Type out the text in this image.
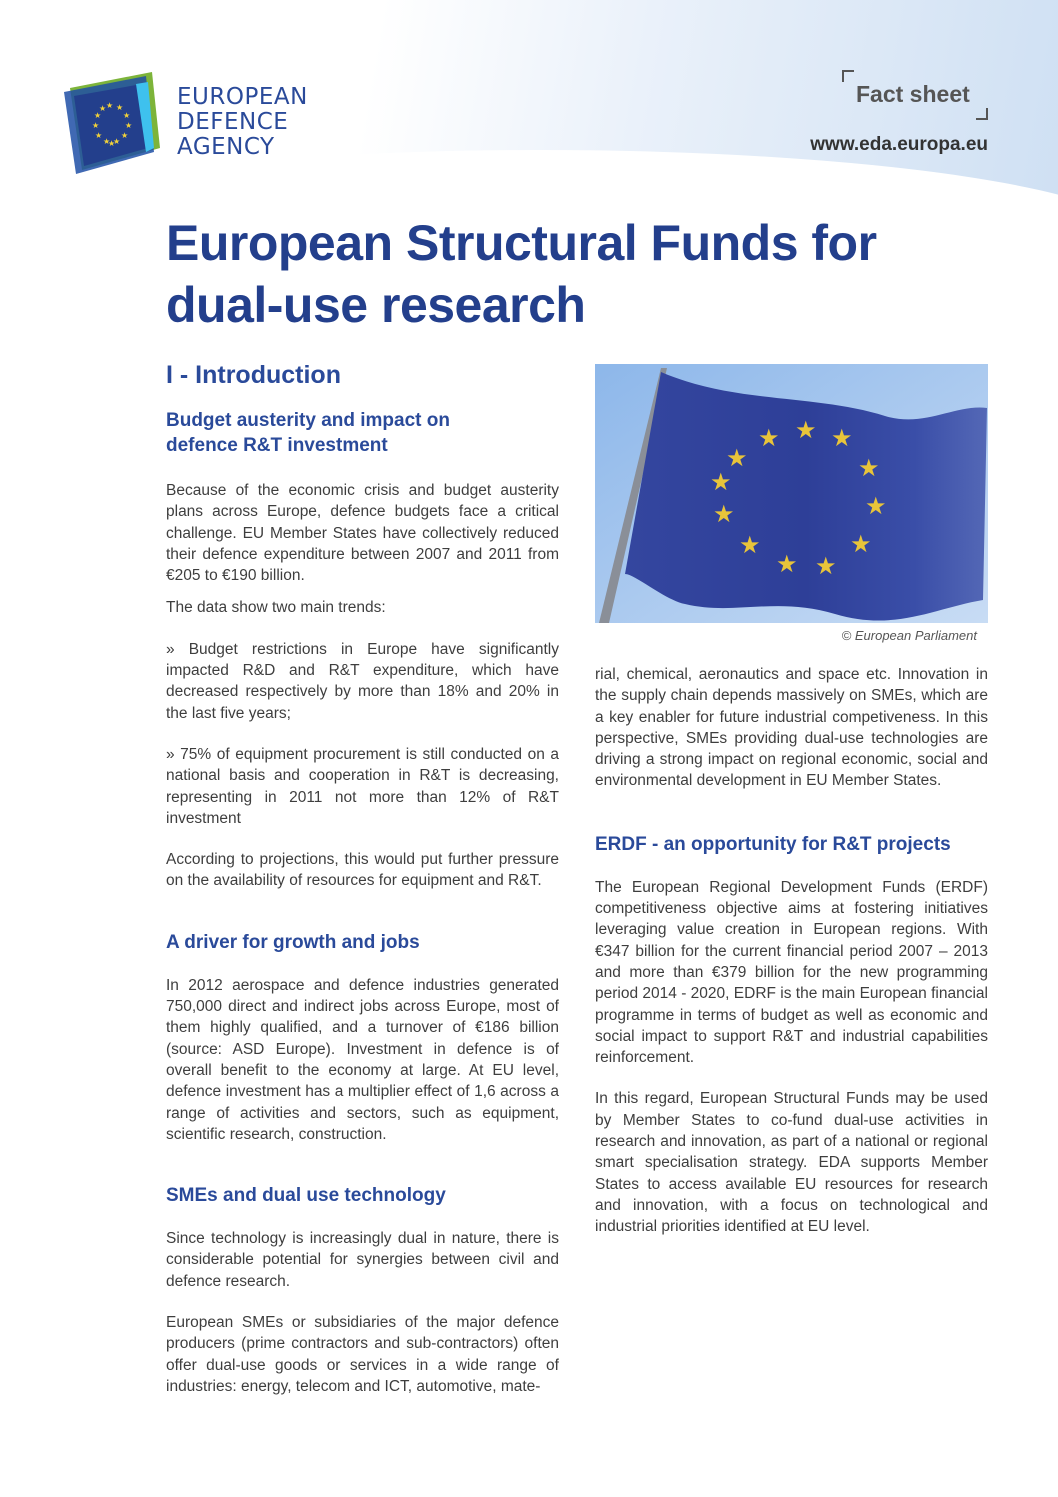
★ ★
★
★
★
★
★
★
★
★
★
★
EUROPEAN
DEFENCE
AGENCY
Fact sheet
www.eda.europa.eu
European Structural Funds for dual-use research
I - Introduction
Budget austerity and impact on defence R&T investment

Because of the economic crisis and budget austerity plans across Europe, defence budgets face a critical challenge. EU Member States have collectively reduced their defence expenditure between 2007 and 2011 from €205 to €190 billion.

The data show two main trends:

» Budget restrictions in Europe have significantly impacted R&D and R&T expenditure, which have decreased respectively by more than 18% and 20% in the last five years;

» 75% of equipment procurement is still conducted on a national basis and cooperation in R&T is decreasing, representing in 2011 not more than 12% of R&T investment

According to projections, this would put further pressure on the availability of resources for equipment and R&T.

A driver for growth and jobs

In 2012 aerospace and defence industries generated 750,000 direct and indirect jobs across Europe, most of them highly qualified, and a turnover of €186 billion (source: ASD Europe). Investment in defence is of overall benefit to the economy at large. At EU level, defence investment has a multiplier effect of 1,6 across a range of activities and sectors, such as equipment, scientific research, construction.

SMEs and dual use technology

Since technology is increasingly dual in nature, there is considerable potential for synergies between civil and defence research.

European SMEs or subsidiaries of the major defence producers (prime contractors and sub-contractors) often offer dual-use goods or services in a wide range of industries: energy, telecom and ICT, automotive, mate-

★ ★ ★
★
★
★
★
★
★
★
★
★
© European Parliament

rial, chemical, aeronautics and space etc. Innovation in the supply chain depends massively on SMEs, which are a key enabler for future industrial competiveness. In this perspective, SMEs providing dual-use technologies are driving a strong impact on regional economic, social and environmental development in EU Member States.

ERDF - an opportunity for R&T projects

The European Regional Development Funds (ERDF) competitiveness objective aims at fostering initiatives leveraging value creation in European regions. With €347 billion for the current financial period 2007 – 2013 and more than €379 billion for the new programming period 2014 - 2020, EDRF is the main European financial programme in terms of budget as well as economic and social impact to support R&T and industrial capabilities reinforcement.

In this regard, European Structural Funds may be used by Member States to co-fund dual-use activities in research and innovation, as part of a national or regional smart specialisation strategy. EDA supports Member States to access available EU resources for research and innovation, with a focus on technological and industrial priorities identified at EU level.
